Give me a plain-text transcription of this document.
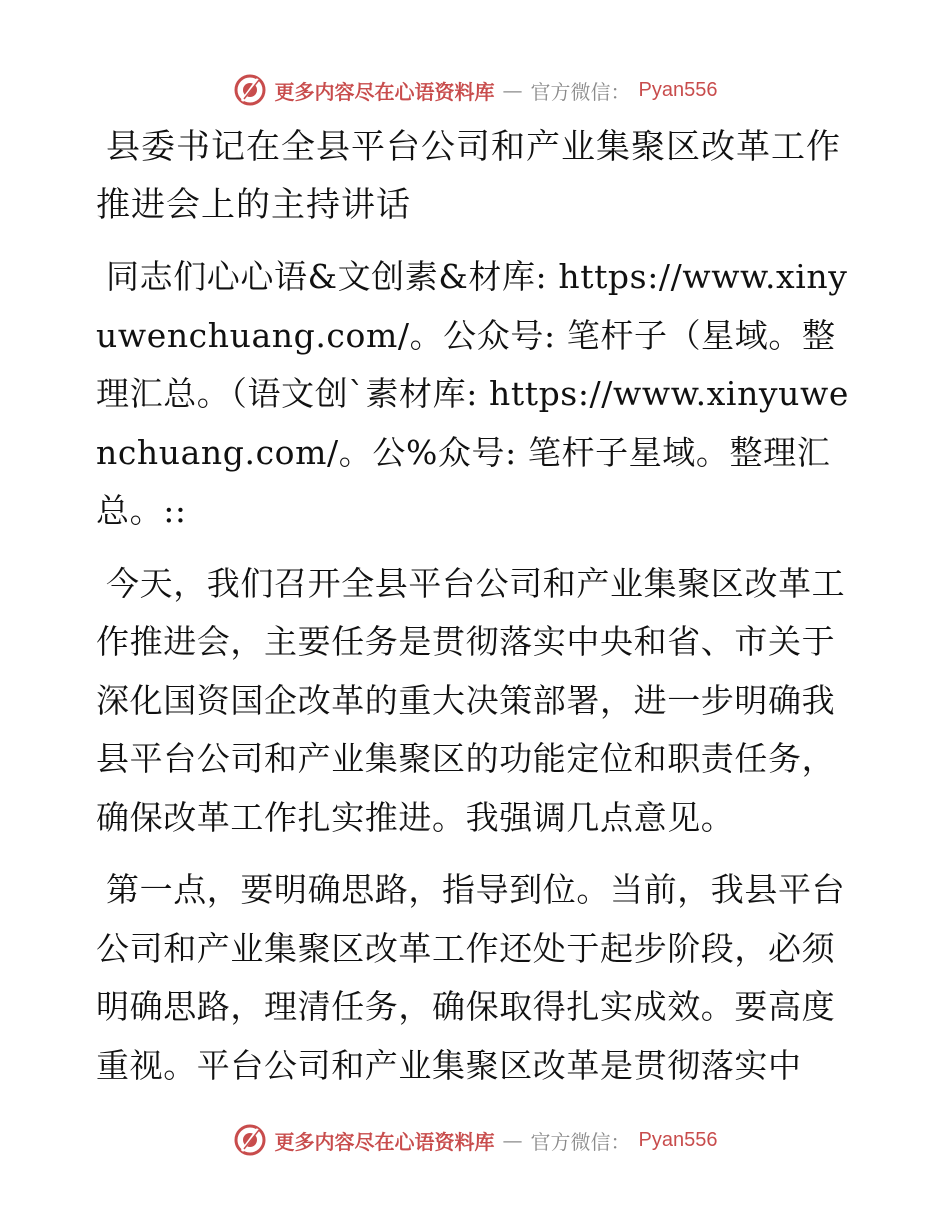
更多内容尽在心语资料库 — 官方微信： Pyan556
县委书记在全县平台公司和产业集聚区改革工作推进会上的主持讲话

同志们心心语&文创素&材库: https://www.xinyuwenchuang.com/。公众号: 笔杆子（星域。整理汇总。（语文创`素材库: https://www.xinyuwenchuang.com/。公%众号: 笔杆子星域。整理汇总。::

今天，我们召开全县平台公司和产业集聚区改革工作推进会，主要任务是贯彻落实中央和省、市关于深化国资国企改革的重大决策部署，进一步明确我县平台公司和产业集聚区的功能定位和职责任务，确保改革工作扎实推进。我强调几点意见。

第一点，要明确思路，指导到位。当前，我县平台公司和产业集聚区改革工作还处于起步阶段，必须明确思路，理清任务，确保取得扎实成效。要高度重视。平台公司和产业集聚区改革是贯彻落实中

更多内容尽在心语资料库 — 官方微信： Pyan556
